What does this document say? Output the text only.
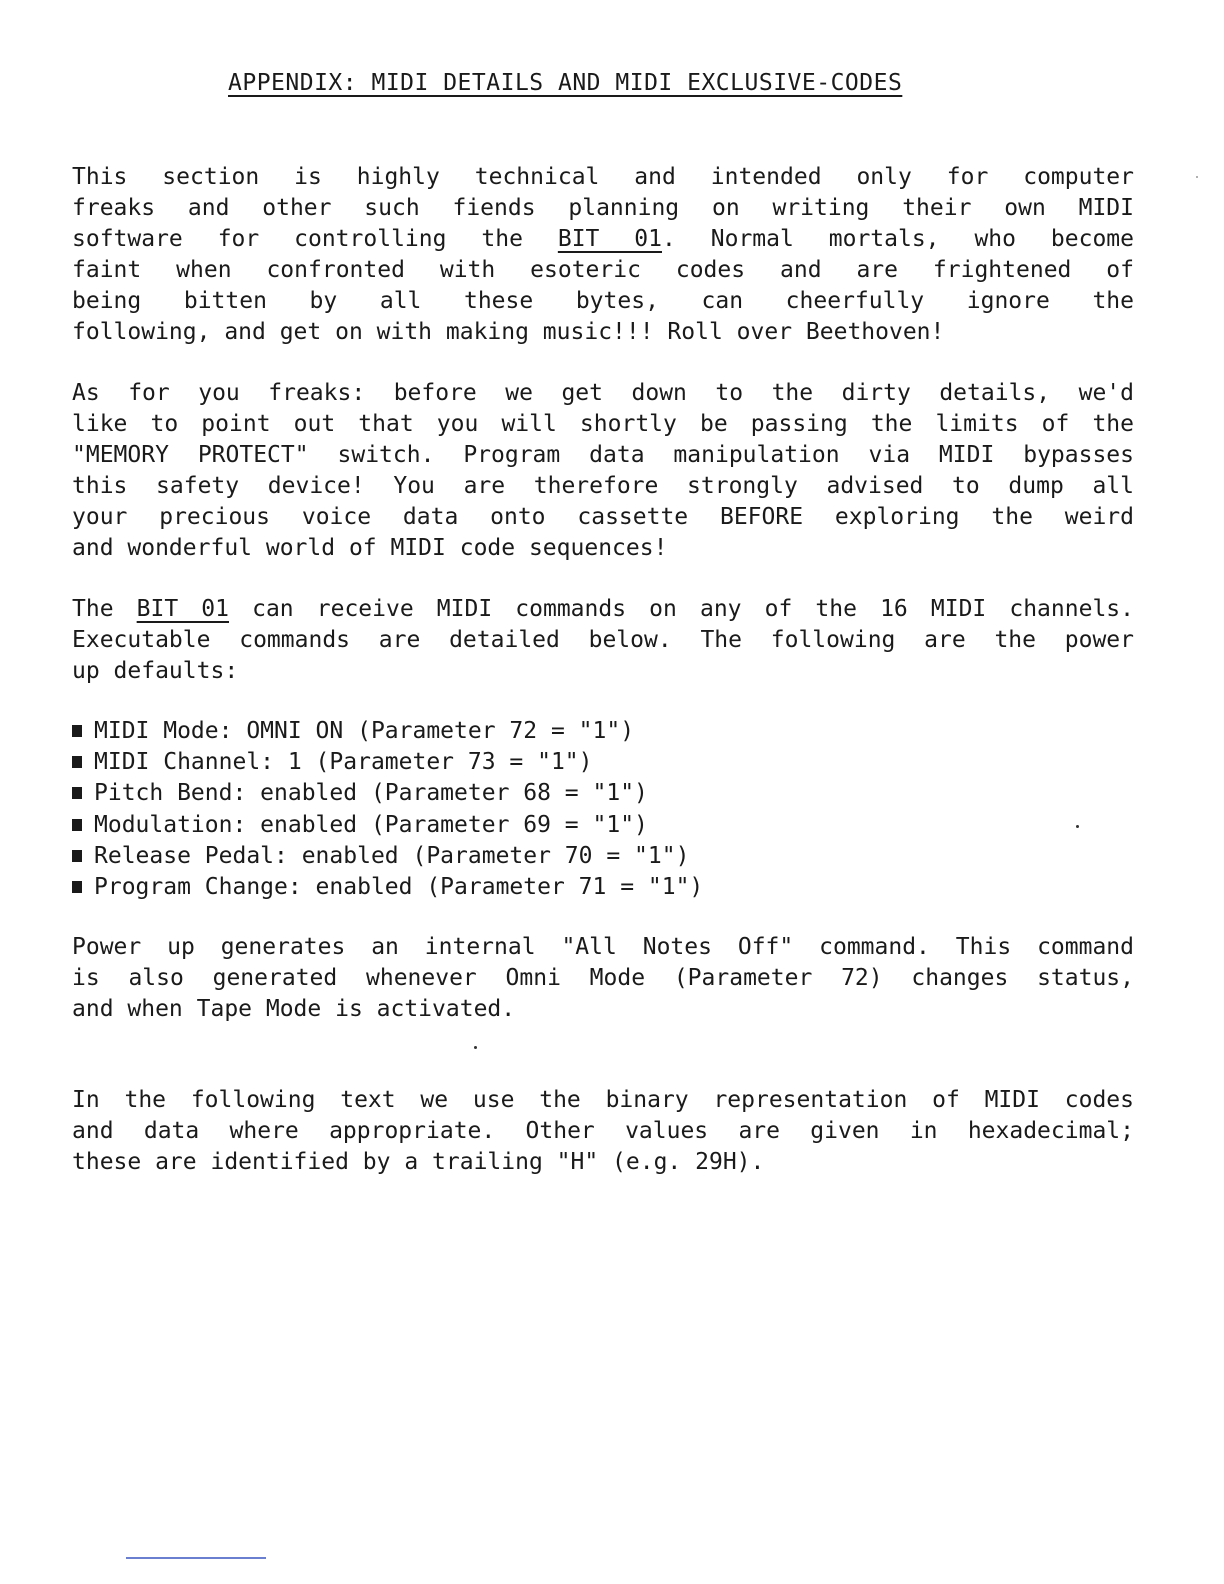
APPENDIX: MIDI DETAILS AND MIDI EXCLUSIVE-CODES
This section is highly technical and intended only for computer
freaks and other such fiends planning on writing their own MIDI
software for controlling the BIT 01. Normal mortals, who become
faint when confronted with esoteric codes and are frightened of
being bitten by all these bytes, can cheerfully ignore the
following, and get on with making music!!! Roll over Beethoven!
As for you freaks: before we get down to the dirty details, we'd
like to point out that you will shortly be passing the limits of the
"MEMORY PROTECT" switch. Program data manipulation via MIDI bypasses
this safety device! You are therefore strongly advised to dump all
your precious voice data onto cassette BEFORE exploring the weird
and wonderful world of MIDI code sequences!
The BIT 01 can receive MIDI commands on any of the 16 MIDI channels.
Executable commands are detailed below. The following are the power
up defaults:
MIDI Mode: OMNI ON (Parameter 72 = "1")
MIDI Channel: 1 (Parameter 73 = "1")
Pitch Bend: enabled (Parameter 68 = "1")
Modulation: enabled (Parameter 69 = "1")
Release Pedal: enabled (Parameter 70 = "1")
Program Change: enabled (Parameter 71 = "1")
Power up generates an internal "All Notes Off" command. This command
is also generated whenever Omni Mode (Parameter 72) changes status,
and when Tape Mode is activated.
In the following text we use the binary representation of MIDI codes
and data where appropriate. Other values are given in hexadecimal;
these are identified by a trailing "H" (e.g. 29H).
